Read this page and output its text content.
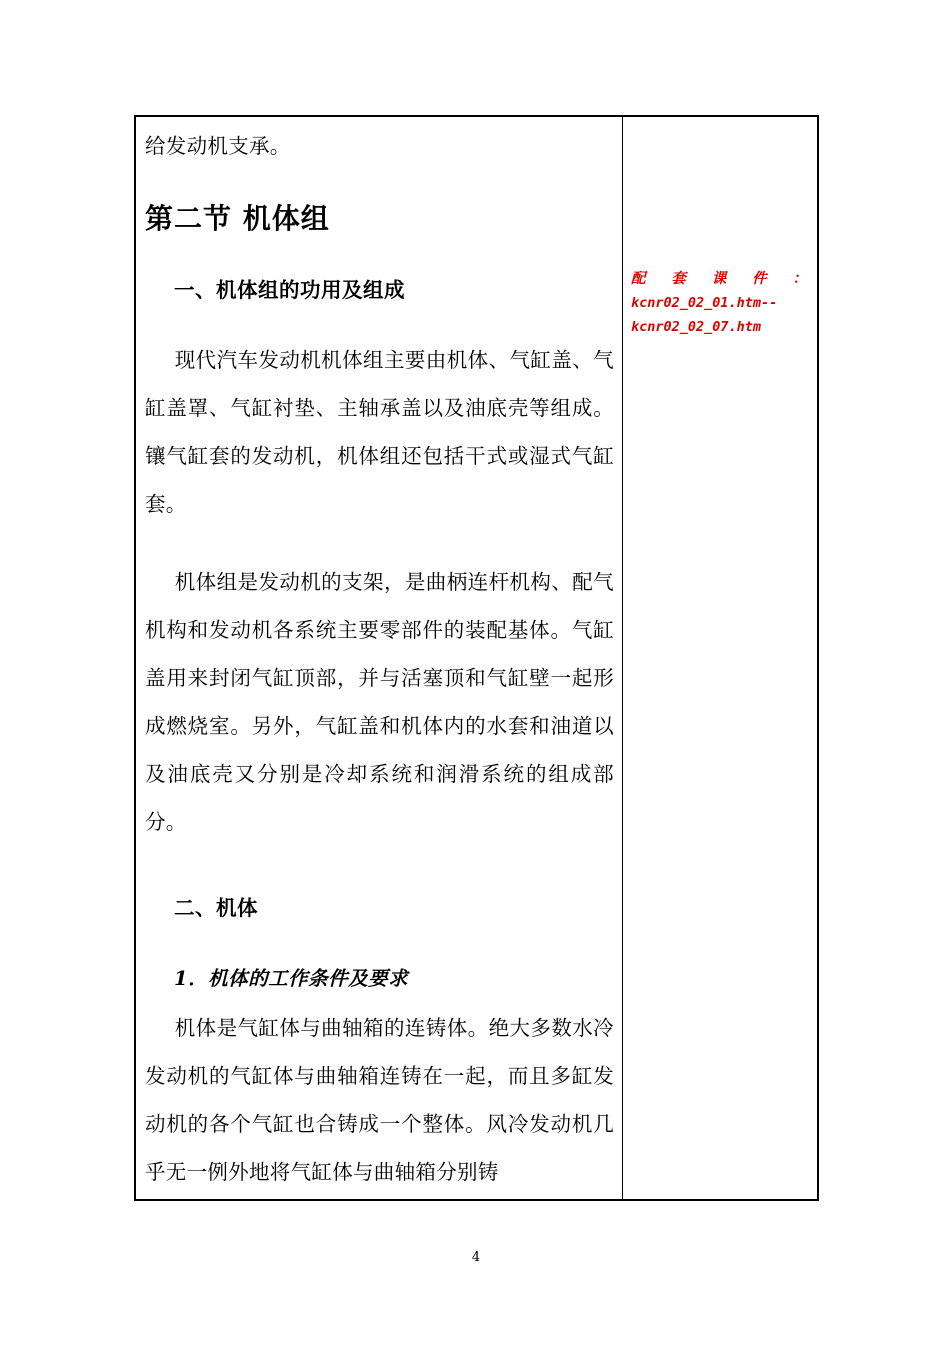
给发动机支承。

第二节 机体组
一、机体组的功用及组成

现代汽车发动机机体组主要由机体、气缸盖、气缸盖罩、气缸衬垫、主轴承盖以及油底壳等组成。镶气缸套的发动机，机体组还包括干式或湿式气缸套。

机体组是发动机的支架，是曲柄连杆机构、配气机构和发动机各系统主要零部件的装配基体。气缸盖用来封闭气缸顶部，并与活塞顶和气缸壁一起形成燃烧室。另外，气缸盖和机体内的水套和油道以及油底壳又分别是冷却系统和润滑系统的组成部分。

二、机体
1．机体的工作条件及要求

机体是气缸体与曲轴箱的连铸体。绝大多数水冷发动机的气缸体与曲轴箱连铸在一起，而且多缸发动机的各个气缸也合铸成一个整体。风冷发动机几乎无一例外地将气缸体与曲轴箱分别铸

配 套 课 件 ：
kcnr02_02_01.htm--
kcnr02_02_07.htm
4
